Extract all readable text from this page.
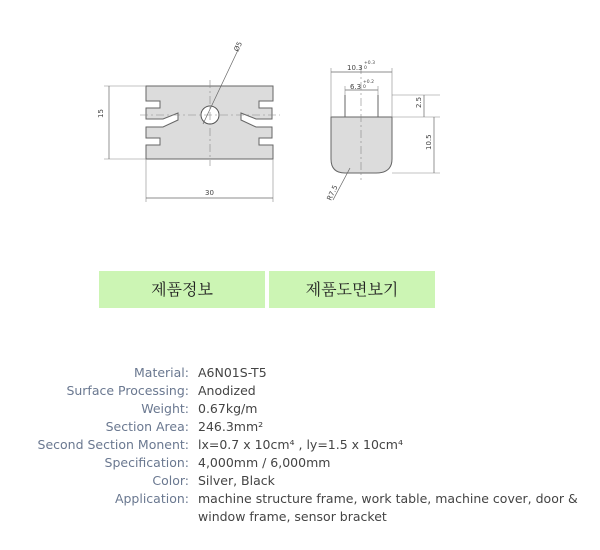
Ø5
15
30
10.3
+0.3
0
6.3
+0.2
0
2.5
10.5
R7.5
제품정보	제품도면보기
Material: A6N01S-T5
Surface Processing: Anodized
Weight: 0.67kg/m
Section Area: 246.3mm²
Second Section Monent: lx=0.7 x 10cm⁴ , ly=1.5 x 10cm⁴
Specification: 4,000mm / 6,000mm
Color: Silver, Black
Application: machine structure frame, work table, machine cover, door & window frame, sensor bracket
